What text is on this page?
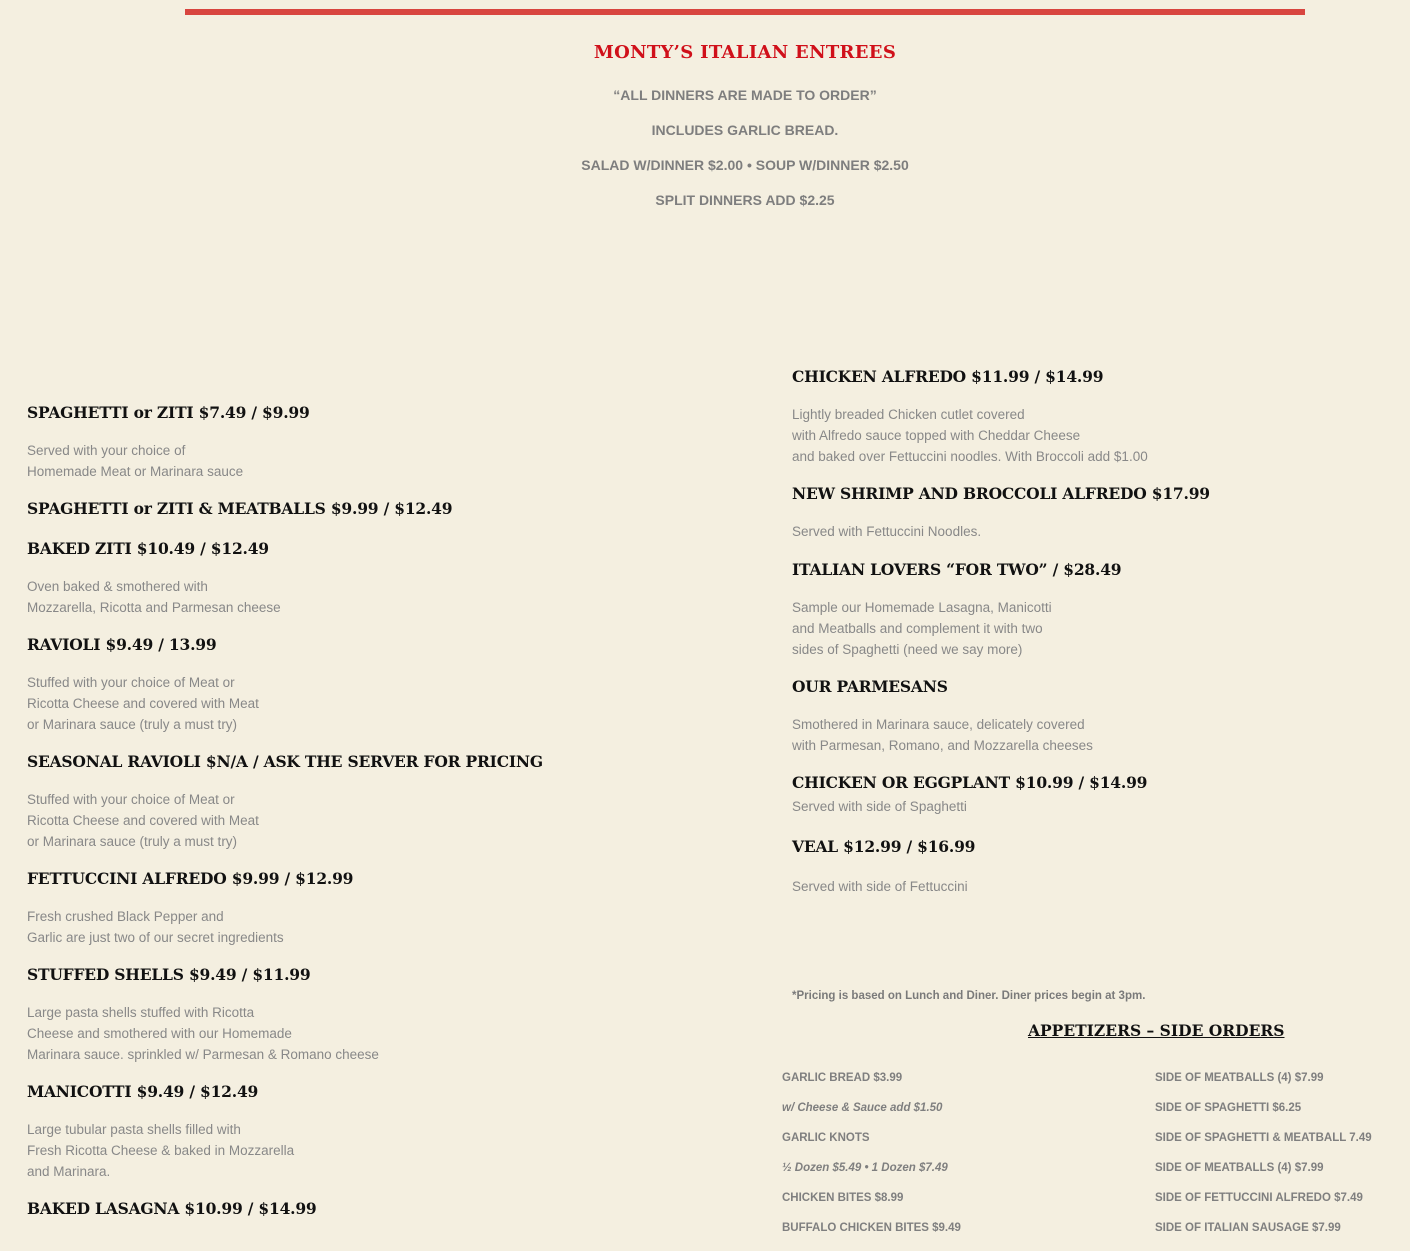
MONTY’S ITALIAN ENTREES
“ALL DINNERS ARE MADE TO ORDER”
INCLUDES GARLIC BREAD.
SALAD W/DINNER $2.00 • SOUP W/DINNER $2.50
SPLIT DINNERS ADD $2.25
SPAGHETTI or ZITI $7.49 / $9.99
Served with your choice of
Homemade Meat or Marinara sauce
SPAGHETTI or ZITI & MEATBALLS $9.99 / $12.49
BAKED ZITI $10.49 / $12.49
Oven baked & smothered with
Mozzarella, Ricotta and Parmesan cheese
RAVIOLI $9.49 / 13.99
Stuffed with your choice of Meat or
Ricotta Cheese and covered with Meat
or Marinara sauce (truly a must try)
SEASONAL RAVIOLI $N/A / ASK THE SERVER FOR PRICING
Stuffed with your choice of Meat or
Ricotta Cheese and covered with Meat
or Marinara sauce (truly a must try)
FETTUCCINI ALFREDO $9.99 / $12.99
Fresh crushed Black Pepper and
Garlic are just two of our secret ingredients
STUFFED SHELLS $9.49 / $11.99
Large pasta shells stuffed with Ricotta
Cheese and smothered with our Homemade
Marinara sauce. sprinkled w/ Parmesan & Romano cheese
MANICOTTI $9.49 / $12.49
Large tubular pasta shells filled with
Fresh Ricotta Cheese & baked in Mozzarella
and Marinara.
BAKED LASAGNA $10.99 / $14.99
CHICKEN ALFREDO $11.99 / $14.99
Lightly breaded Chicken cutlet covered
with Alfredo sauce topped with Cheddar Cheese
and baked over Fettuccini noodles. With Broccoli add $1.00
NEW SHRIMP AND BROCCOLI ALFREDO $17.99
Served with Fettuccini Noodles.
ITALIAN LOVERS “FOR TWO” / $28.49
Sample our Homemade Lasagna, Manicotti
and Meatballs and complement it with two
sides of Spaghetti (need we say more)
OUR PARMESANS
Smothered in Marinara sauce, delicately covered
with Parmesan, Romano, and Mozzarella cheeses
CHICKEN OR EGGPLANT $10.99 / $14.99
Served with side of Spaghetti
VEAL $12.99 / $16.99
Served with side of Fettuccini
*Pricing is based on Lunch and Diner. Diner prices begin at 3pm.
APPETIZERS – SIDE ORDERS
GARLIC BREAD $3.99
w/ Cheese & Sauce add $1.50
GARLIC KNOTS
½ Dozen $5.49 • 1 Dozen $7.49
CHICKEN BITES $8.99
BUFFALO CHICKEN BITES $9.49
SIDE OF MEATBALLS (4) $7.99
SIDE OF SPAGHETTI $6.25
SIDE OF SPAGHETTI & MEATBALL 7.49
SIDE OF MEATBALLS (4) $7.99
SIDE OF FETTUCCINI ALFREDO $7.49
SIDE OF ITALIAN SAUSAGE $7.99
